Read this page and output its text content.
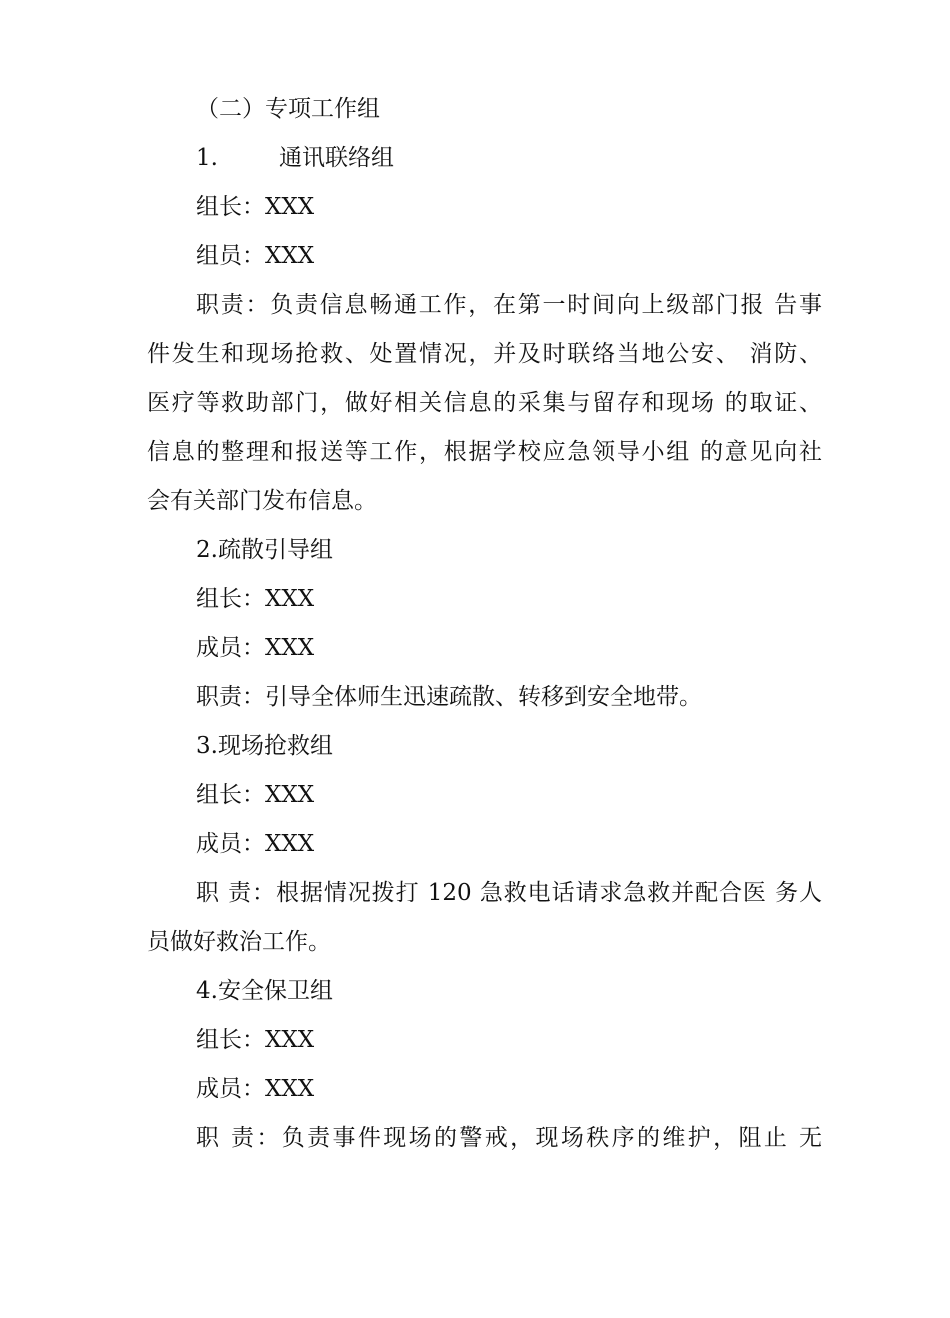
（二）专项工作组
1.	通讯联络组
组长：XXX
组员：XXX
职责：负责信息畅通工作，在第一时间向上级部门报 告事
件发生和现场抢救、处置情况，并及时联络当地公安、 消防、
医疗等救助部门，做好相关信息的采集与留存和现场 的取证、
信息的整理和报送等工作，根据学校应急领导小组 的意见向社
会有关部门发布信息。
2.疏散引导组
组长：XXX
成员：XXX
职责：引导全体师生迅速疏散、转移到安全地带。
3.现场抢救组
组长：XXX
成员：XXX
职 责：根据情况拨打 120 急救电话请求急救并配合医 务人
员做好救治工作。
4.安全保卫组
组长：XXX
成员：XXX
职 责：负责事件现场的警戒，现场秩序的维护，阻止 无
